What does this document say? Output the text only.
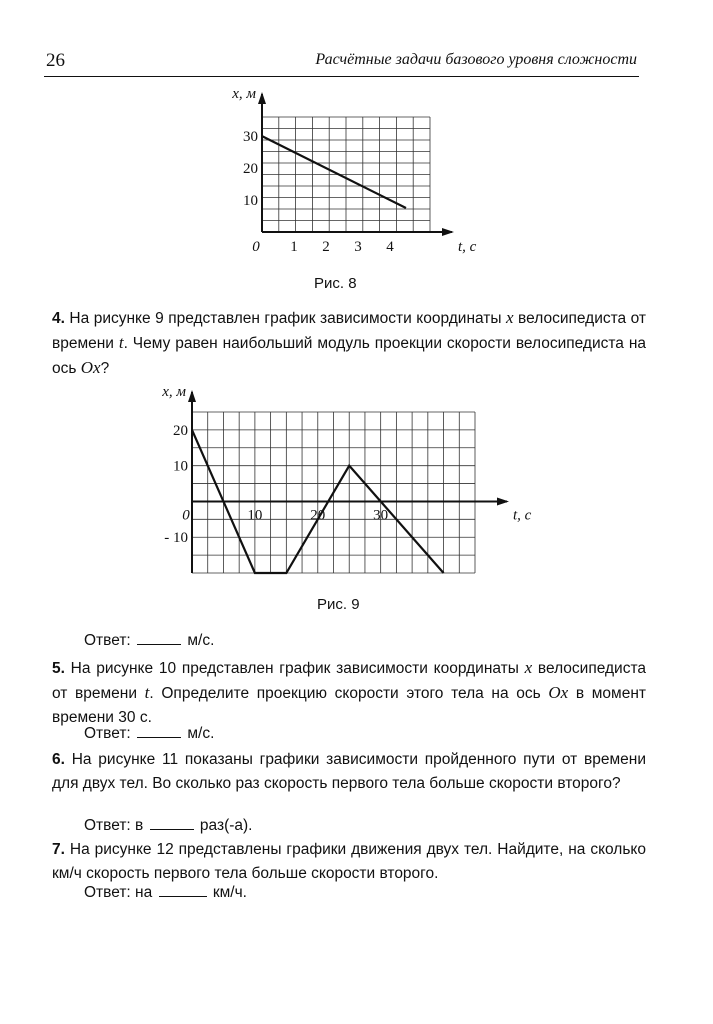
26	Расчётные задачи базового уровня сложности
0 1 2 3 4
10
20
30
x, м
t, с
Рис. 8
4. На рисунке 9 представлен график зависимости координаты x велосипедиста от времени t. Чему равен наибольший модуль проекции скорости велосипедиста на ось Ox?
0	10	20	30
20
10
- 10
x, м
t, с
Рис. 9
Ответ:	м/с.
5. На рисунке 10 представлен график зависимости координаты x велосипедиста от времени t. Определите проекцию скорости этого тела на ось Ox в момент времени 30 с.
Ответ:	м/с.
6. На рисунке 11 показаны графики зависимости пройденного пути от времени для двух тел. Во сколько раз скорость первого тела больше скорости второго?
Ответ: в	раз(-а).
7. На рисунке 12 представлены графики движения двух тел. Найдите, на сколько км/ч скорость первого тела больше скорости второго.
Ответ: на	км/ч.
